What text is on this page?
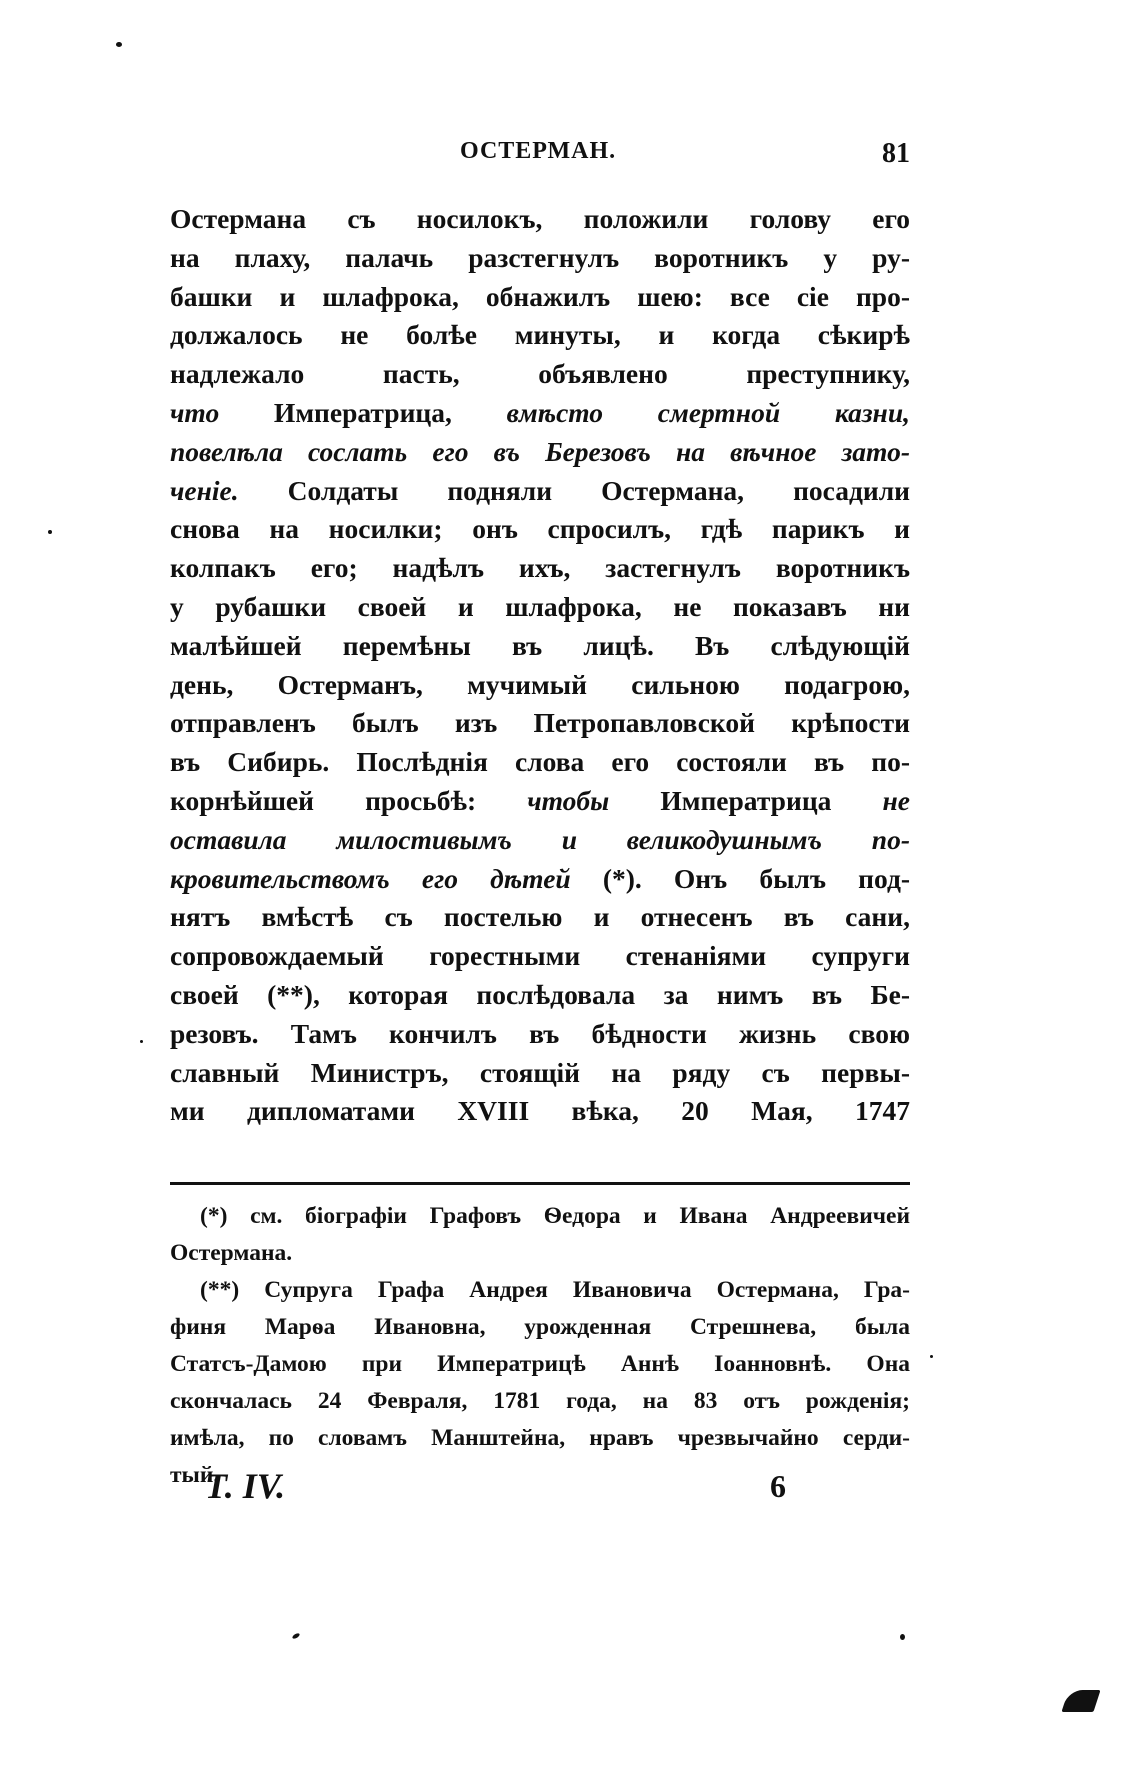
ОСТЕРМАН.	81
Остермана съ носилокъ, положили голову его
на плаху, палачь разстегнулъ воротникъ у ру-
башки и шлафрока, обнажилъ шею: все сіе про-
должалось не болѣе минуты, и когда сѣкирѣ
надлежало пасть, объявлено преступнику,
что Императрица, вмѣсто смертной казни,
повелѣла сослать его въ Березовъ на вѣчное зато-
ченіе. Солдаты подняли Остермана, посадили
снова на носилки; онъ спросилъ, гдѣ парикъ и
колпакъ его; надѣлъ ихъ, застегнулъ воротникъ
у рубашки своей и шлафрока, не показавъ ни
малѣйшей перемѣны въ лицѣ. Въ слѣдующій
день, Остерманъ, мучимый сильною подагрою,
отправленъ былъ изъ Петропавловской крѣпости
въ Сибирь. Послѣднія слова его состояли въ по-
корнѣйшей просьбѣ: чтобы Императрица не
оставила милостивымъ и великодушнымъ по-
кровительствомъ его дѣтей (*). Онъ былъ под-
нятъ вмѣстѣ съ постелью и отнесенъ въ сани,
сопровождаемый горестными стенаніями супруги
своей (**), которая послѣдовала за нимъ въ Бе-
резовъ. Тамъ кончилъ въ бѣдности жизнь свою
славный Министръ, стоящій на ряду съ первы-
ми дипломатами XVIII вѣка, 20 Мая, 1747
(*) см. біографіи Графовъ Ѳедора и Ивана Андреевичей
Остермана.
(**) Супруга Графа Андрея Ивановича Остермана, Гра-
финя Марѳа Ивановна, урожденная Стрешнева, была
Статсъ-Дамою при Императрицѣ Аннѣ Іоанновнѣ. Она
скончалась 24 Февраля, 1781 года, на 83 отъ рожденія;
имѣла, по словамъ Манштейна, нравъ чрезвычайно серди-
тый.
Т. IV.	6
